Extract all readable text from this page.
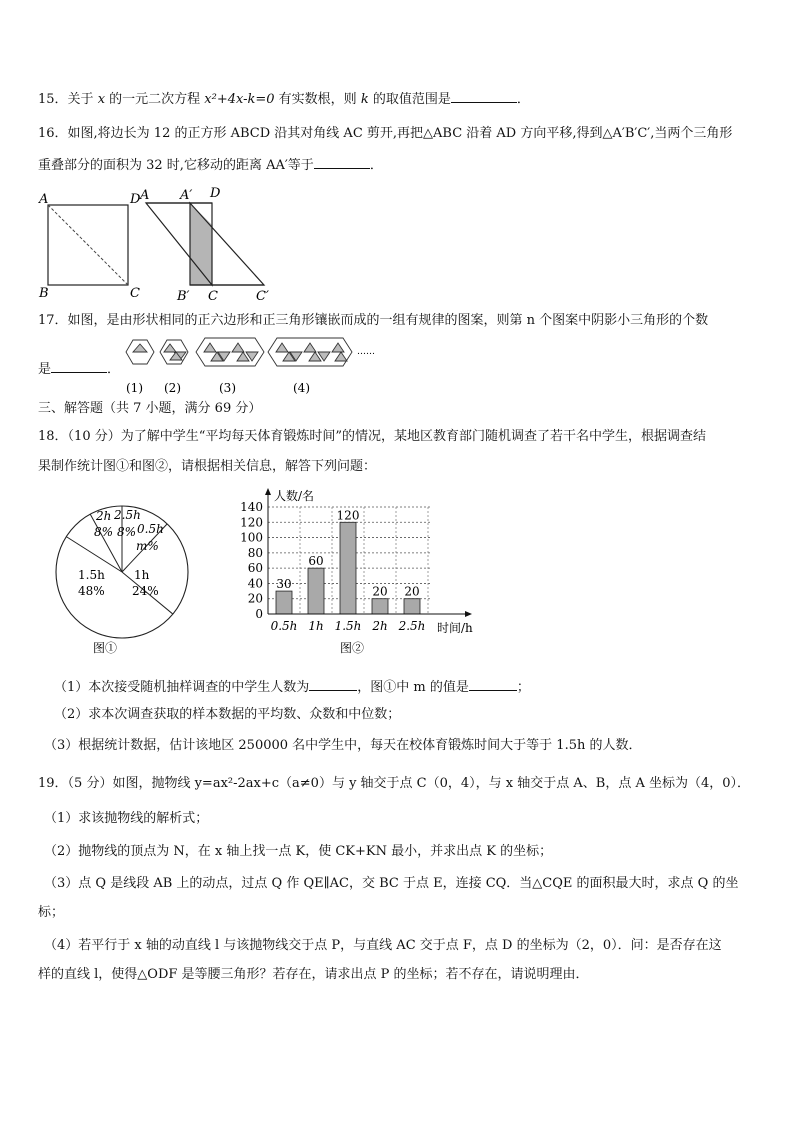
15．关于 x 的一元二次方程 x²+4x-k=0 有实数根，则 k 的取值范围是	．
16．如图,将边长为 12 的正方形 ABCD 沿其对角线 AC 剪开,再把△ABC 沿着 AD 方向平移,得到△A′B′C′,当两个三角形
重叠部分的面积为 32 时,它移动的距离 AA′等于	．
A	D
B	C
A A′ D
B′ C	C′
17．如图，是由形状相同的正六边形和正三角形镶嵌而成的一组有规律的图案，则第 n 个图案中阴影小三角形的个数
是	．
……
(1) (2)	(3)	(4)
三、解答题（共 7 小题，满分 69 分）
18．（10 分）为了解中学生“平均每天体育锻炼时间”的情况，某地区教育部门随机调查了若干名中学生，根据调查结
果制作统计图①和图②，请根据相关信息，解答下列问题：
2h
8%
2.5h
8% 0.5h
m%
1.5h
48%
1h
24%
图①
0
20
40
60
80
100
120
140
30
60
120
20 20
0.5h 1h 1.5h 2h 2.5h
人数/名
时间/h
图②
（1）本次接受随机抽样调查的中学生人数为	，图①中 m 的值是	；
（2）求本次调查获取的样本数据的平均数、众数和中位数；
（3）根据统计数据，估计该地区 250000 名中学生中，每天在校体育锻炼时间大于等于 1.5h 的人数．
19．（5 分）如图，抛物线 y=ax²-2ax+c（a≠0）与 y 轴交于点 C（0，4），与 x 轴交于点 A、B，点 A 坐标为（4，0）．
（1）求该抛物线的解析式；
（2）抛物线的顶点为 N，在 x 轴上找一点 K，使 CK+KN 最小，并求出点 K 的坐标；
（3）点 Q 是线段 AB 上的动点，过点 Q 作 QE∥AC，交 BC 于点 E，连接 CQ．当△CQE 的面积最大时，求点 Q 的坐
标；
（4）若平行于 x 轴的动直线 l 与该抛物线交于点 P，与直线 AC 交于点 F，点 D 的坐标为（2，0）．问：是否存在这
样的直线 l，使得△ODF 是等腰三角形？若存在，请求出点 P 的坐标；若不存在，请说明理由．
